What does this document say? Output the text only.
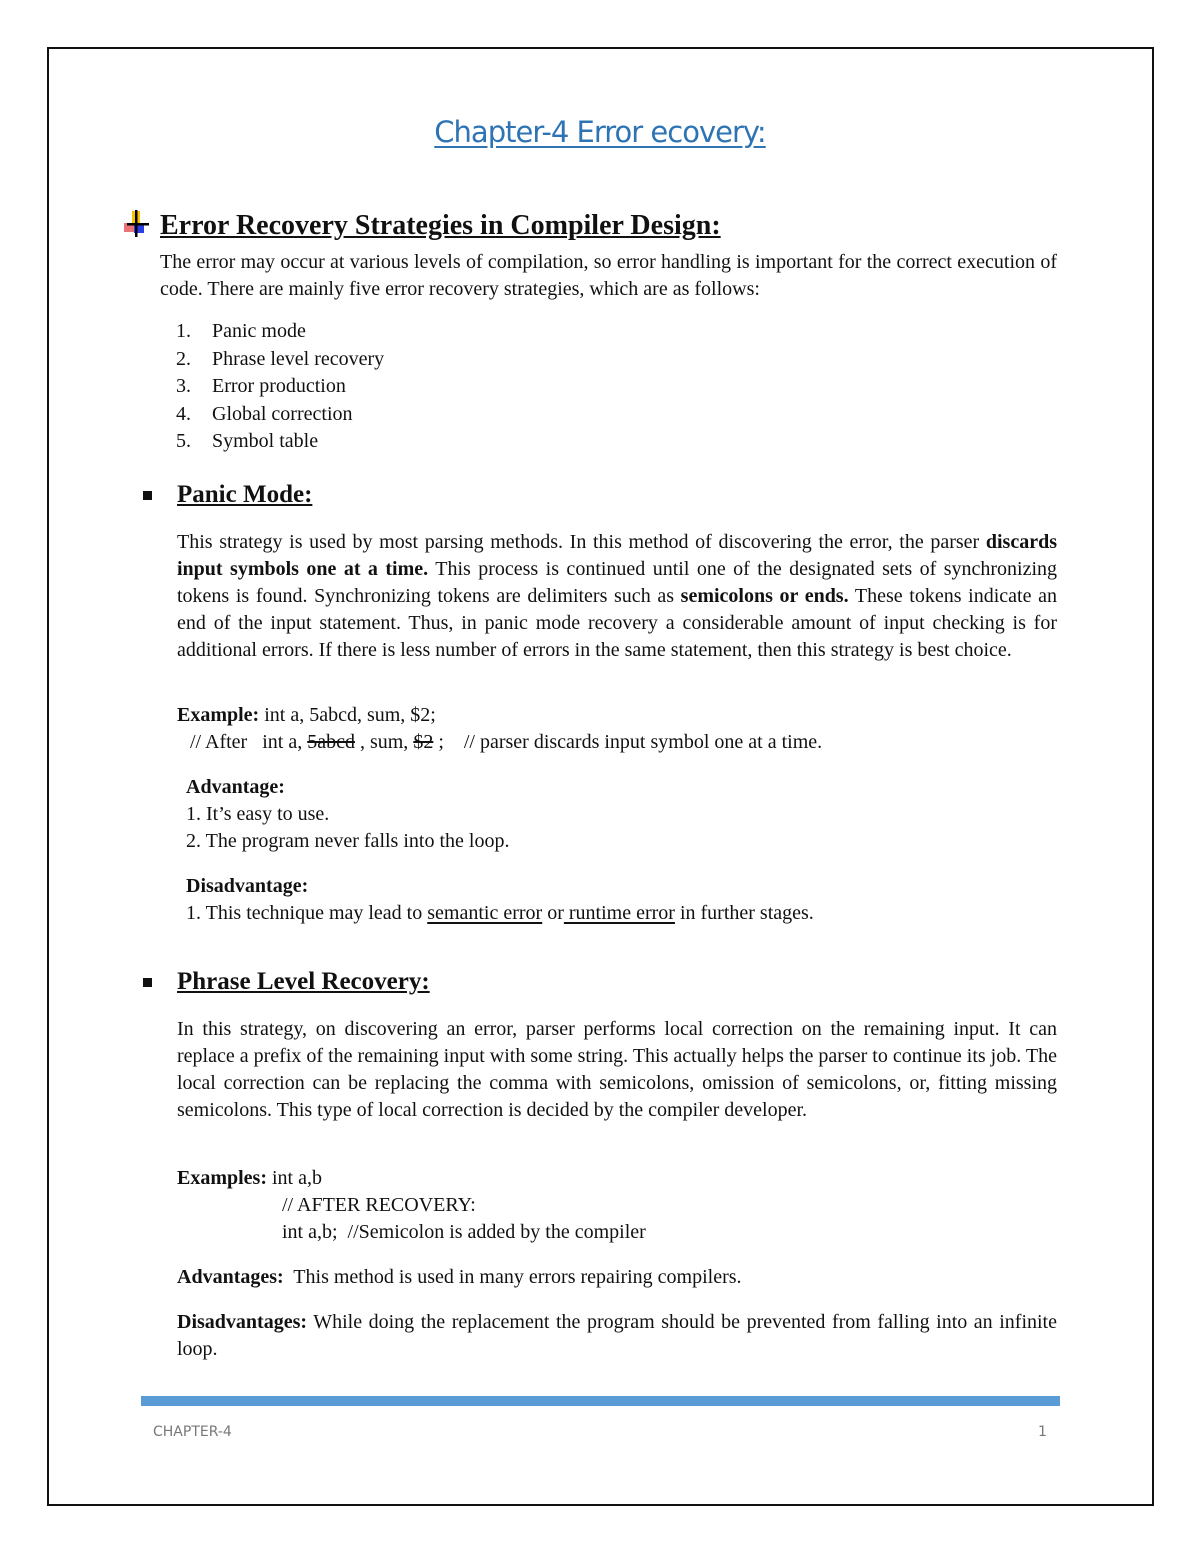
Chapter-4 Error ecovery:
Error Recovery Strategies in Compiler Design:
The error may occur at various levels of compilation, so error handling is important for the correct execution of code. There are mainly five error recovery strategies, which are as follows:
1. Panic mode
2. Phrase level recovery
3. Error production
4. Global correction
5. Symbol table
Panic Mode:
This strategy is used by most parsing methods. In this method of discovering the error, the parser discards input symbols one at a time. This process is continued until one of the designated sets of synchronizing tokens is found. Synchronizing tokens are delimiters such as semicolons or ends. These tokens indicate an end of the input statement. Thus, in panic mode recovery a considerable amount of input checking is for additional errors. If there is less number of errors in the same statement, then this strategy is best choice.
Example: int a, 5abcd, sum, $2;
// After   int a, 5abcd , sum, $2 ;    // parser discards input symbol one at a time.
Advantage:
1. It’s easy to use.
2. The program never falls into the loop.
Disadvantage:
1. This technique may lead to semantic error or runtime error in further stages.
Phrase Level Recovery:
In this strategy, on discovering an error, parser performs local correction on the remaining input. It can replace a prefix of the remaining input with some string. This actually helps the parser to continue its job. The local correction can be replacing the comma with semicolons, omission of semicolons, or, fitting missing semicolons. This type of local correction is decided by the compiler developer.
Examples: int a,b
// AFTER RECOVERY:
int a,b;  //Semicolon is added by the compiler
Advantages:  This method is used in many errors repairing compilers.
Disadvantages: While doing the replacement the program should be prevented from falling into an infinite loop.
CHAPTER-4	1
